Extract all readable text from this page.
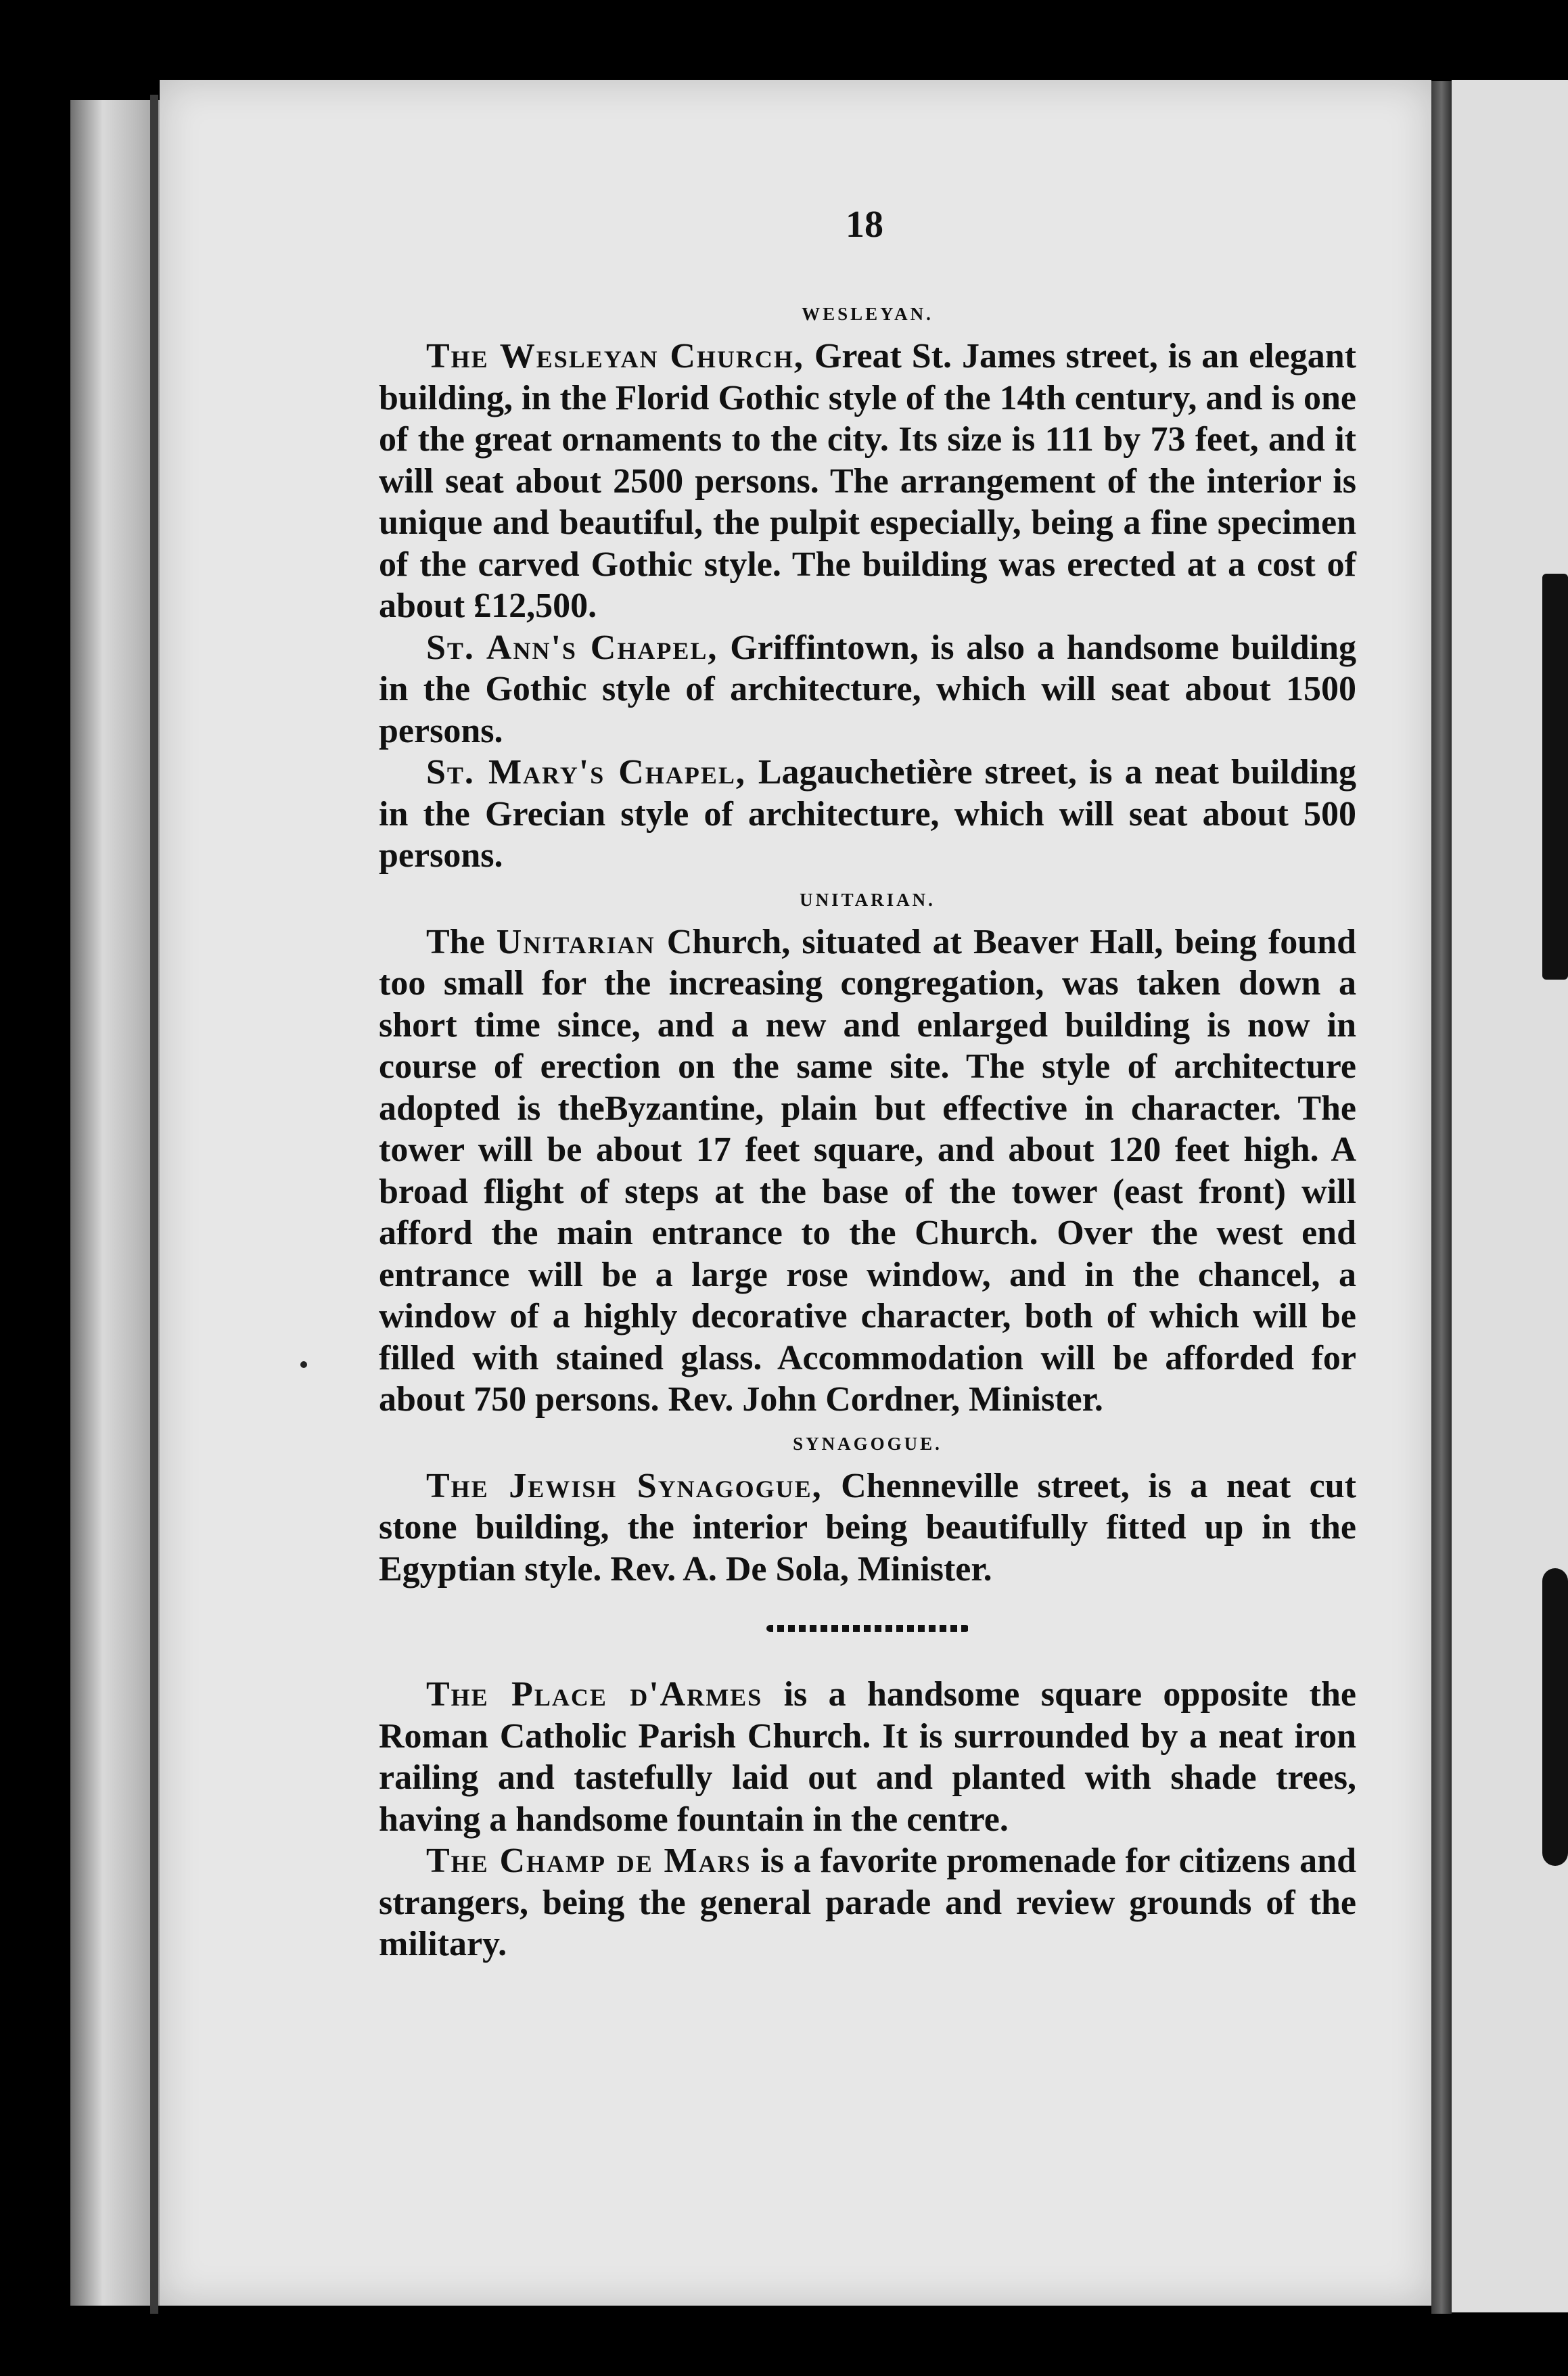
18
WESLEYAN.

The Wesleyan Church, Great St. James street, is an elegant building, in the Florid Gothic style of the 14th century, and is one of the great ornaments to the city. Its size is 111 by 73 feet, and it will seat about 2500 persons. The arrangement of the interior is unique and beautiful, the pulpit especially, being a fine specimen of the carved Gothic style. The building was erected at a cost of about £12,500.

St. Ann's Chapel, Griffintown, is also a handsome building in the Gothic style of architecture, which will seat about 1500 persons.

St. Mary's Chapel, Lagauchetière street, is a neat building in the Grecian style of architecture, which will seat about 500 persons.

UNITARIAN.

The Unitarian Church, situated at Beaver Hall, being found too small for the increasing congregation, was taken down a short time since, and a new and enlarged building is now in course of erection on the same site. The style of architecture adopted is theByzantine, plain but effective in character. The tower will be about 17 feet square, and about 120 feet high. A broad flight of steps at the base of the tower (east front) will afford the main entrance to the Church. Over the west end entrance will be a large rose window, and in the chancel, a window of a highly decorative character, both of which will be filled with stained glass. Accommodation will be afforded for about 750 persons. Rev. John Cordner, Minister.

SYNAGOGUE.

The Jewish Synagogue, Chenneville street, is a neat cut stone building, the interior being beautifully fitted up in the Egyptian style. Rev. A. De Sola, Minister.

The Place d'Armes is a handsome square opposite the Roman Catholic Parish Church. It is surrounded by a neat iron railing and tastefully laid out and planted with shade trees, having a handsome fountain in the centre.

The Champ de Mars is a favorite promenade for citizens and strangers, being the general parade and review grounds of the military.
